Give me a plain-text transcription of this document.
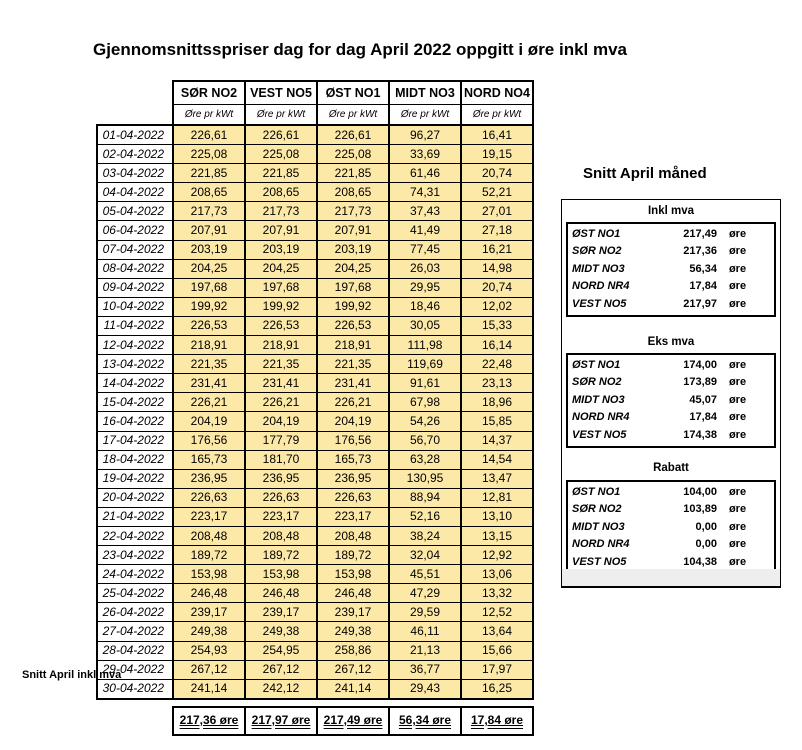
Gjennomsnittsspriser dag for dag April 2022 oppgitt i øre inkl mva
	SØR NO2	VEST NO5	ØST NO1	MIDT NO3	NORD NO4
	Øre pr kWt	Øre pr kWt	Øre pr kWt	Øre pr kWt	Øre pr kWt
01-04-2022	226,61	226,61	226,61	96,27	16,41
02-04-2022	225,08	225,08	225,08	33,69	19,15
03-04-2022	221,85	221,85	221,85	61,46	20,74
04-04-2022	208,65	208,65	208,65	74,31	52,21
05-04-2022	217,73	217,73	217,73	37,43	27,01
06-04-2022	207,91	207,91	207,91	41,49	27,18
07-04-2022	203,19	203,19	203,19	77,45	16,21
08-04-2022	204,25	204,25	204,25	26,03	14,98
09-04-2022	197,68	197,68	197,68	29,95	20,74
10-04-2022	199,92	199,92	199,92	18,46	12,02
11-04-2022	226,53	226,53	226,53	30,05	15,33
12-04-2022	218,91	218,91	218,91	111,98	16,14
13-04-2022	221,35	221,35	221,35	119,69	22,48
14-04-2022	231,41	231,41	231,41	91,61	23,13
15-04-2022	226,21	226,21	226,21	67,98	18,96
16-04-2022	204,19	204,19	204,19	54,26	15,85
17-04-2022	176,56	177,79	176,56	56,70	14,37
18-04-2022	165,73	181,70	165,73	63,28	14,54
19-04-2022	236,95	236,95	236,95	130,95	13,47
20-04-2022	226,63	226,63	226,63	88,94	12,81
21-04-2022	223,17	223,17	223,17	52,16	13,10
22-04-2022	208,48	208,48	208,48	38,24	13,15
23-04-2022	189,72	189,72	189,72	32,04	12,92
24-04-2022	153,98	153,98	153,98	45,51	13,06
25-04-2022	246,48	246,48	246,48	47,29	13,32
26-04-2022	239,17	239,17	239,17	29,59	12,52
27-04-2022	249,38	249,38	249,38	46,11	13,64
28-04-2022	254,93	254,95	258,86	21,13	15,66
29-04-2022	267,12	267,12	267,12	36,77	17,97
30-04-2022	241,14	242,12	241,14	29,43	16,25

	217,36 øre	217,97 øre	217,49 øre	56,34 øre	17,84 øre
Snitt April inkl mva
Snitt April måned
Inkl mva
ØST NO1	217,49	øre
SØR NO2	217,36	øre
MIDT NO3	56,34	øre
NORD NR4	17,84	øre
VEST NO5	217,97	øre
Eks mva
ØST NO1	174,00	øre
SØR NO2	173,89	øre
MIDT NO3	45,07	øre
NORD NR4	17,84	øre
VEST NO5	174,38	øre
Rabatt
ØST NO1	104,00	øre
SØR NO2	103,89	øre
MIDT NO3	0,00	øre
NORD NR4	0,00	øre
VEST NO5	104,38	øre
